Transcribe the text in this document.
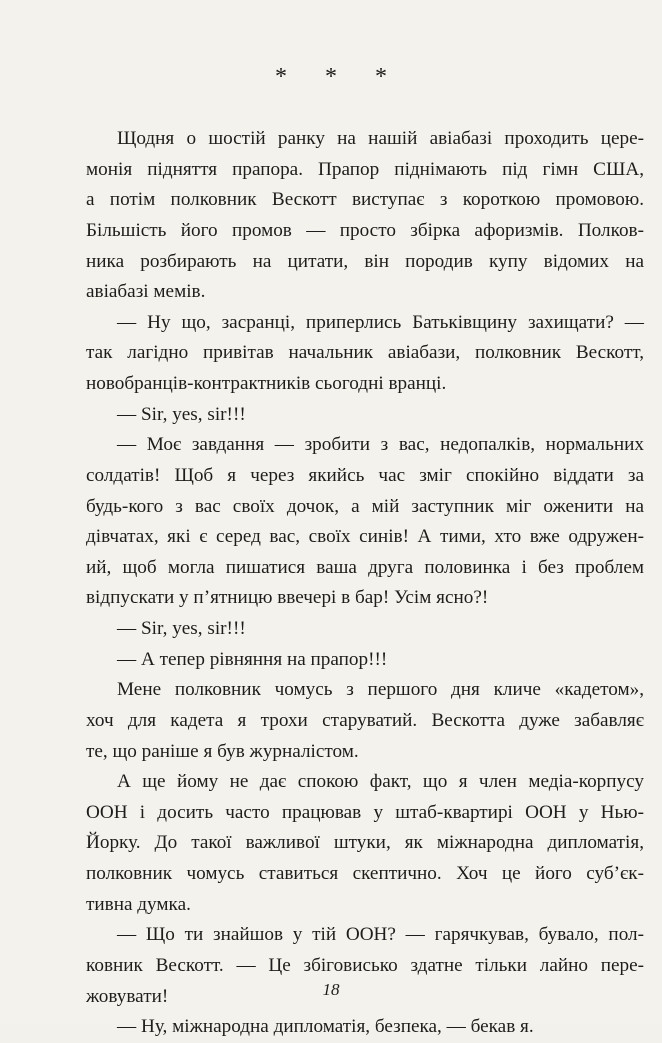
* * *
Щодня о шостій ранку на нашій авіабазі проходить цере-
монія підняття прапора. Прапор піднімають під гімн США,
а потім полковник Вескотт виступає з короткою промовою.
Більшість його промов — просто збірка афоризмів. Полков-
ника розбирають на цитати, він породив купу відомих на
авіабазі мемів.
— Ну що, засранці, приперлись Батьківщину захищати? —
так лагідно привітав начальник авіабази, полковник Вескотт,
новобранців-контрактників сьогодні вранці.
— Sir, yes, sir!!!
— Моє завдання — зробити з вас, недопалків, нормальних
солдатів! Щоб я через якийсь час зміг спокійно віддати за
будь-кого з вас своїх дочок, а мій заступник міг оженити на
дівчатах, які є серед вас, своїх синів! А тими, хто вже одружен-
ий, щоб могла пишатися ваша друга половинка і без проблем
відпускати у п’ятницю ввечері в бар! Усім ясно?!
— Sir, yes, sir!!!
— А тепер рівняння на прапор!!!
Мене полковник чомусь з першого дня кличе «кадетом»,
хоч для кадета я трохи старуватий. Вескотта дуже забавляє
те, що раніше я був журналістом.
А ще йому не дає спокою факт, що я член медіа-корпусу
ООН і досить часто працював у штаб-квартирі ООН у Нью-
Йорку. До такої важливої штуки, як міжнародна дипломатія,
полковник чомусь ставиться скептично. Хоч це його суб’єк-
тивна думка.
— Що ти знайшов у тій ООН? — гарячкував, бувало, пол-
ковник Вескотт. — Це збіговисько здатне тільки лайно пере-
жовувати!
— Ну, міжнародна дипломатія, безпека, — бекав я.
18
